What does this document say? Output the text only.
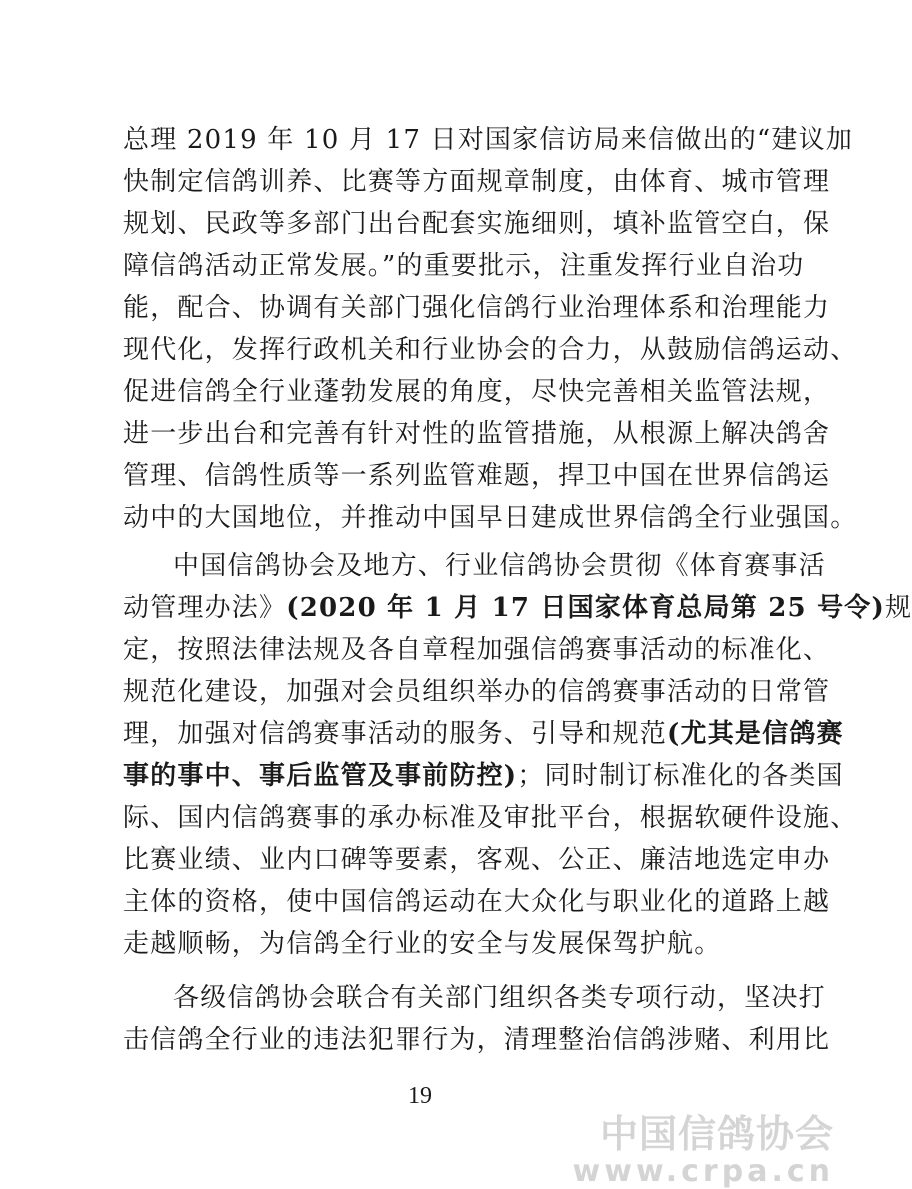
总理 2019 年 10 月 17 日对国家信访局来信做出的“建议加
快制定信鸽训养、比赛等方面规章制度，由体育、城市管理
规划、民政等多部门出台配套实施细则，填补监管空白，保
障信鸽活动正常发展。”的重要批示，注重发挥行业自治功
能，配合、协调有关部门强化信鸽行业治理体系和治理能力
现代化，发挥行政机关和行业协会的合力，从鼓励信鸽运动、
促进信鸽全行业蓬勃发展的角度，尽快完善相关监管法规，
进一步出台和完善有针对性的监管措施，从根源上解决鸽舍
管理、信鸽性质等一系列监管难题，捍卫中国在世界信鸽运
动中的大国地位，并推动中国早日建成世界信鸽全行业强国。
中国信鸽协会及地方、行业信鸽协会贯彻《体育赛事活
动管理办法》(2020 年 1 月 17 日国家体育总局第 25 号令)规
定，按照法律法规及各自章程加强信鸽赛事活动的标准化、
规范化建设，加强对会员组织举办的信鸽赛事活动的日常管
理，加强对信鸽赛事活动的服务、引导和规范(尤其是信鸽赛
事的事中、事后监管及事前防控)；同时制订标准化的各类国
际、国内信鸽赛事的承办标准及审批平台，根据软硬件设施、
比赛业绩、业内口碑等要素，客观、公正、廉洁地选定申办
主体的资格，使中国信鸽运动在大众化与职业化的道路上越
走越顺畅，为信鸽全行业的安全与发展保驾护航。
各级信鸽协会联合有关部门组织各类专项行动，坚决打
击信鸽全行业的违法犯罪行为，清理整治信鸽涉赌、利用比
19
中国信鸽协会
www.crpa.cn
